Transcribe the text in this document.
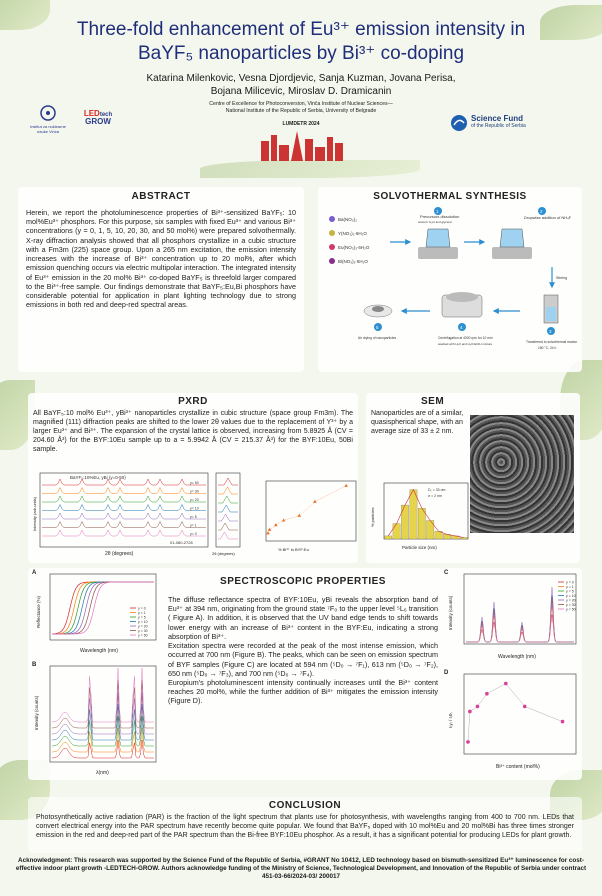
Three-fold enhancement of Eu³⁺ emission intensity in
BaYF₅ nanoparticles by Bi³⁺ co-doping
Katarina Milenkovic, Vesna Djordjevic, Sanja Kuzman, Jovana Perisa,
Bojana Milicevic, Miroslav D. Dramicanin
Centre of Excellence for Photoconversion, Vinča Institute of Nuclear Sciences—
National Institute of the Republic of Serbia, University of Belgrade
Institut za nuklearne nauke Vinča
LEDtech
GROW	LUMDETR 2024
Science Fund
of the Republic of Serbia
ABSTRACT
Herein, we report the photoluminescence properties of Bi³⁺-sensitized BaYF₅: 10 mol%Eu³⁺ phosphors. For this purpose, six samples with fixed Eu³⁺ and various Bi³⁺ concentrations (y = 0, 1, 5, 10, 20, 30, and 50 mol%) were prepared solvothermally. X-ray diffraction analysis showed that all phosphors crystallize in a cubic structure with a Fm3m (225) space group. Upon a 265 nm excitation, the emission intensity increases with the increase of Bi³⁺ concentration up to 20 mol%, after which emission quenching occurs via electric multipolar interaction. The integrated intensity of Eu³⁺ emission in the 20 mol% Bi³⁺ co-doped BaYF₅ is threefold larger compared to the Bi³⁺-free sample. Our findings demonstrate that BaYF₅:Eu,Bi phosphors have considerable potential for application in plant lighting technology due to strong emissions in both red and deep-red spectral areas.
SOLVOTHERMAL SYNTHESIS
Ba(NO₃)₂
Y(NO₃)₃·6H₂O
Eu(NO₃)₃·6H₂O
Bi(NO₃)₃·5H₂O
1
Precursors dissolution
solvent: H₂O and glycerol
2
Dropwise addition of NH₄F
Stirring
3
Transferred to solvothermal reactor
180 °C, 24 h
4
Centrifugation at 4000 rpm for 10 min
washed with H₂O and H₂O:EtOH mixture
5
Air drying of nanoparticles
PXRD
All BaYF₅:10 mol% Eu³⁺, yBi³⁺ nanoparticles crystallize in cubic structure (space group Fm3m). The magnified (111) diffraction peaks are shifted to the lower 2θ values due to the replacement of Y³⁺ by a larger Eu³⁺ and Bi³⁺. The expansion of the crystal lattice is observed, increasing from 5.8925 Å (CV = 204.60 Å³) for the BYF:10Eu sample up to a = 5.9942 Å (CV = 215.37 Å³) for the BYF:10Eu, 50Bi sample.
BaYF₅:10%Eu, yBi (y=0-50)
Intensity (arb.units)
2θ (degrees)
01-080-2726
y= 50
y= 30
y= 20
y= 10
y= 5
y= 1
y= 0
2θ (degrees)
% Bi³⁺ in BYF:Eu
SEM
Nanoparticles are of a similar, quasispherical shape, with an average size of 33 ± 2 nm.
% particles
Particle size (nm)
D꜀ = 33 nm
σ = 2 nm
A
Reflectance (%)
Wavelength (nm)
y = 0
y = 1
y = 5
y = 10
y = 20
y = 30
y = 50
B
Intensity (counts)
λ(nm)
SPECTROSCOPIC PROPERTIES
The diffuse reflectance spectra of BYF:10Eu, yBi reveals the absorption band of Eu³⁺ at 394 nm, originating from the ground state ⁷F₀ to the upper level ⁵L₆ transition ( Figure A). In addition, it is observed that the UV band edge tends to shift towards lower energy with an increase of Bi³⁺ content in the BYF:Eu, indicating a strong absorption of Bi³⁺.
Excitation spectra were recorded at the peak of the most intense emission, which occurred at 700 nm (Figure B). The peaks, which can be seen on emission spectrum of BYF samples (Figure C) are located at 594 nm (⁵D₀ → ⁷F₁), 613 nm (⁵D₀ → ⁷F₂), 650 nm (⁵D₀ → ⁷F₃), and 700 nm (⁵D₀ → ⁷F₄).
Europium's photoluminescent intensity continually increases until the Bi³⁺ content reaches 20 mol%, while the further addition of Bi³⁺ mitigates the emission intensity (Figure D).
C
Intensity (counts)
Wavelength (nm)
y = 0
y = 1
y = 5
y = 10
y = 20
y = 30
y = 50
D
I₍y₎ / I₍0₎
Bi³⁺ content (mol%)
CONCLUSION
Photosynthetically active radiation (PAR) is the fraction of the light spectrum that plants use for photosynthesis, with wavelengths ranging from 400 to 700 nm. LEDs that convert electrical energy into the PAR spectrum have recently become quite popular. We found that BaYF₅ doped with 10 mol%Eu and 20 mol%Bi has three times stronger emission in the red and deep-red part of the PAR spectrum than the Bi-free BYF:10Eu phosphor. As a result, it has a significant potential for producing LEDs for plant growth.
Acknowledgment: This research was supported by the Science Fund of the Republic of Serbia, #GRANT No 10412, LED technology based on bismuth-sensitized Eu³⁺ luminescence for cost-effective indoor plant growth -LEDTECH-GROW. Authors acknowledge funding of the Ministry of Science, Technological Development, and Innovation of the Republic of Serbia under contract 451-03-66/2024-03/ 200017
